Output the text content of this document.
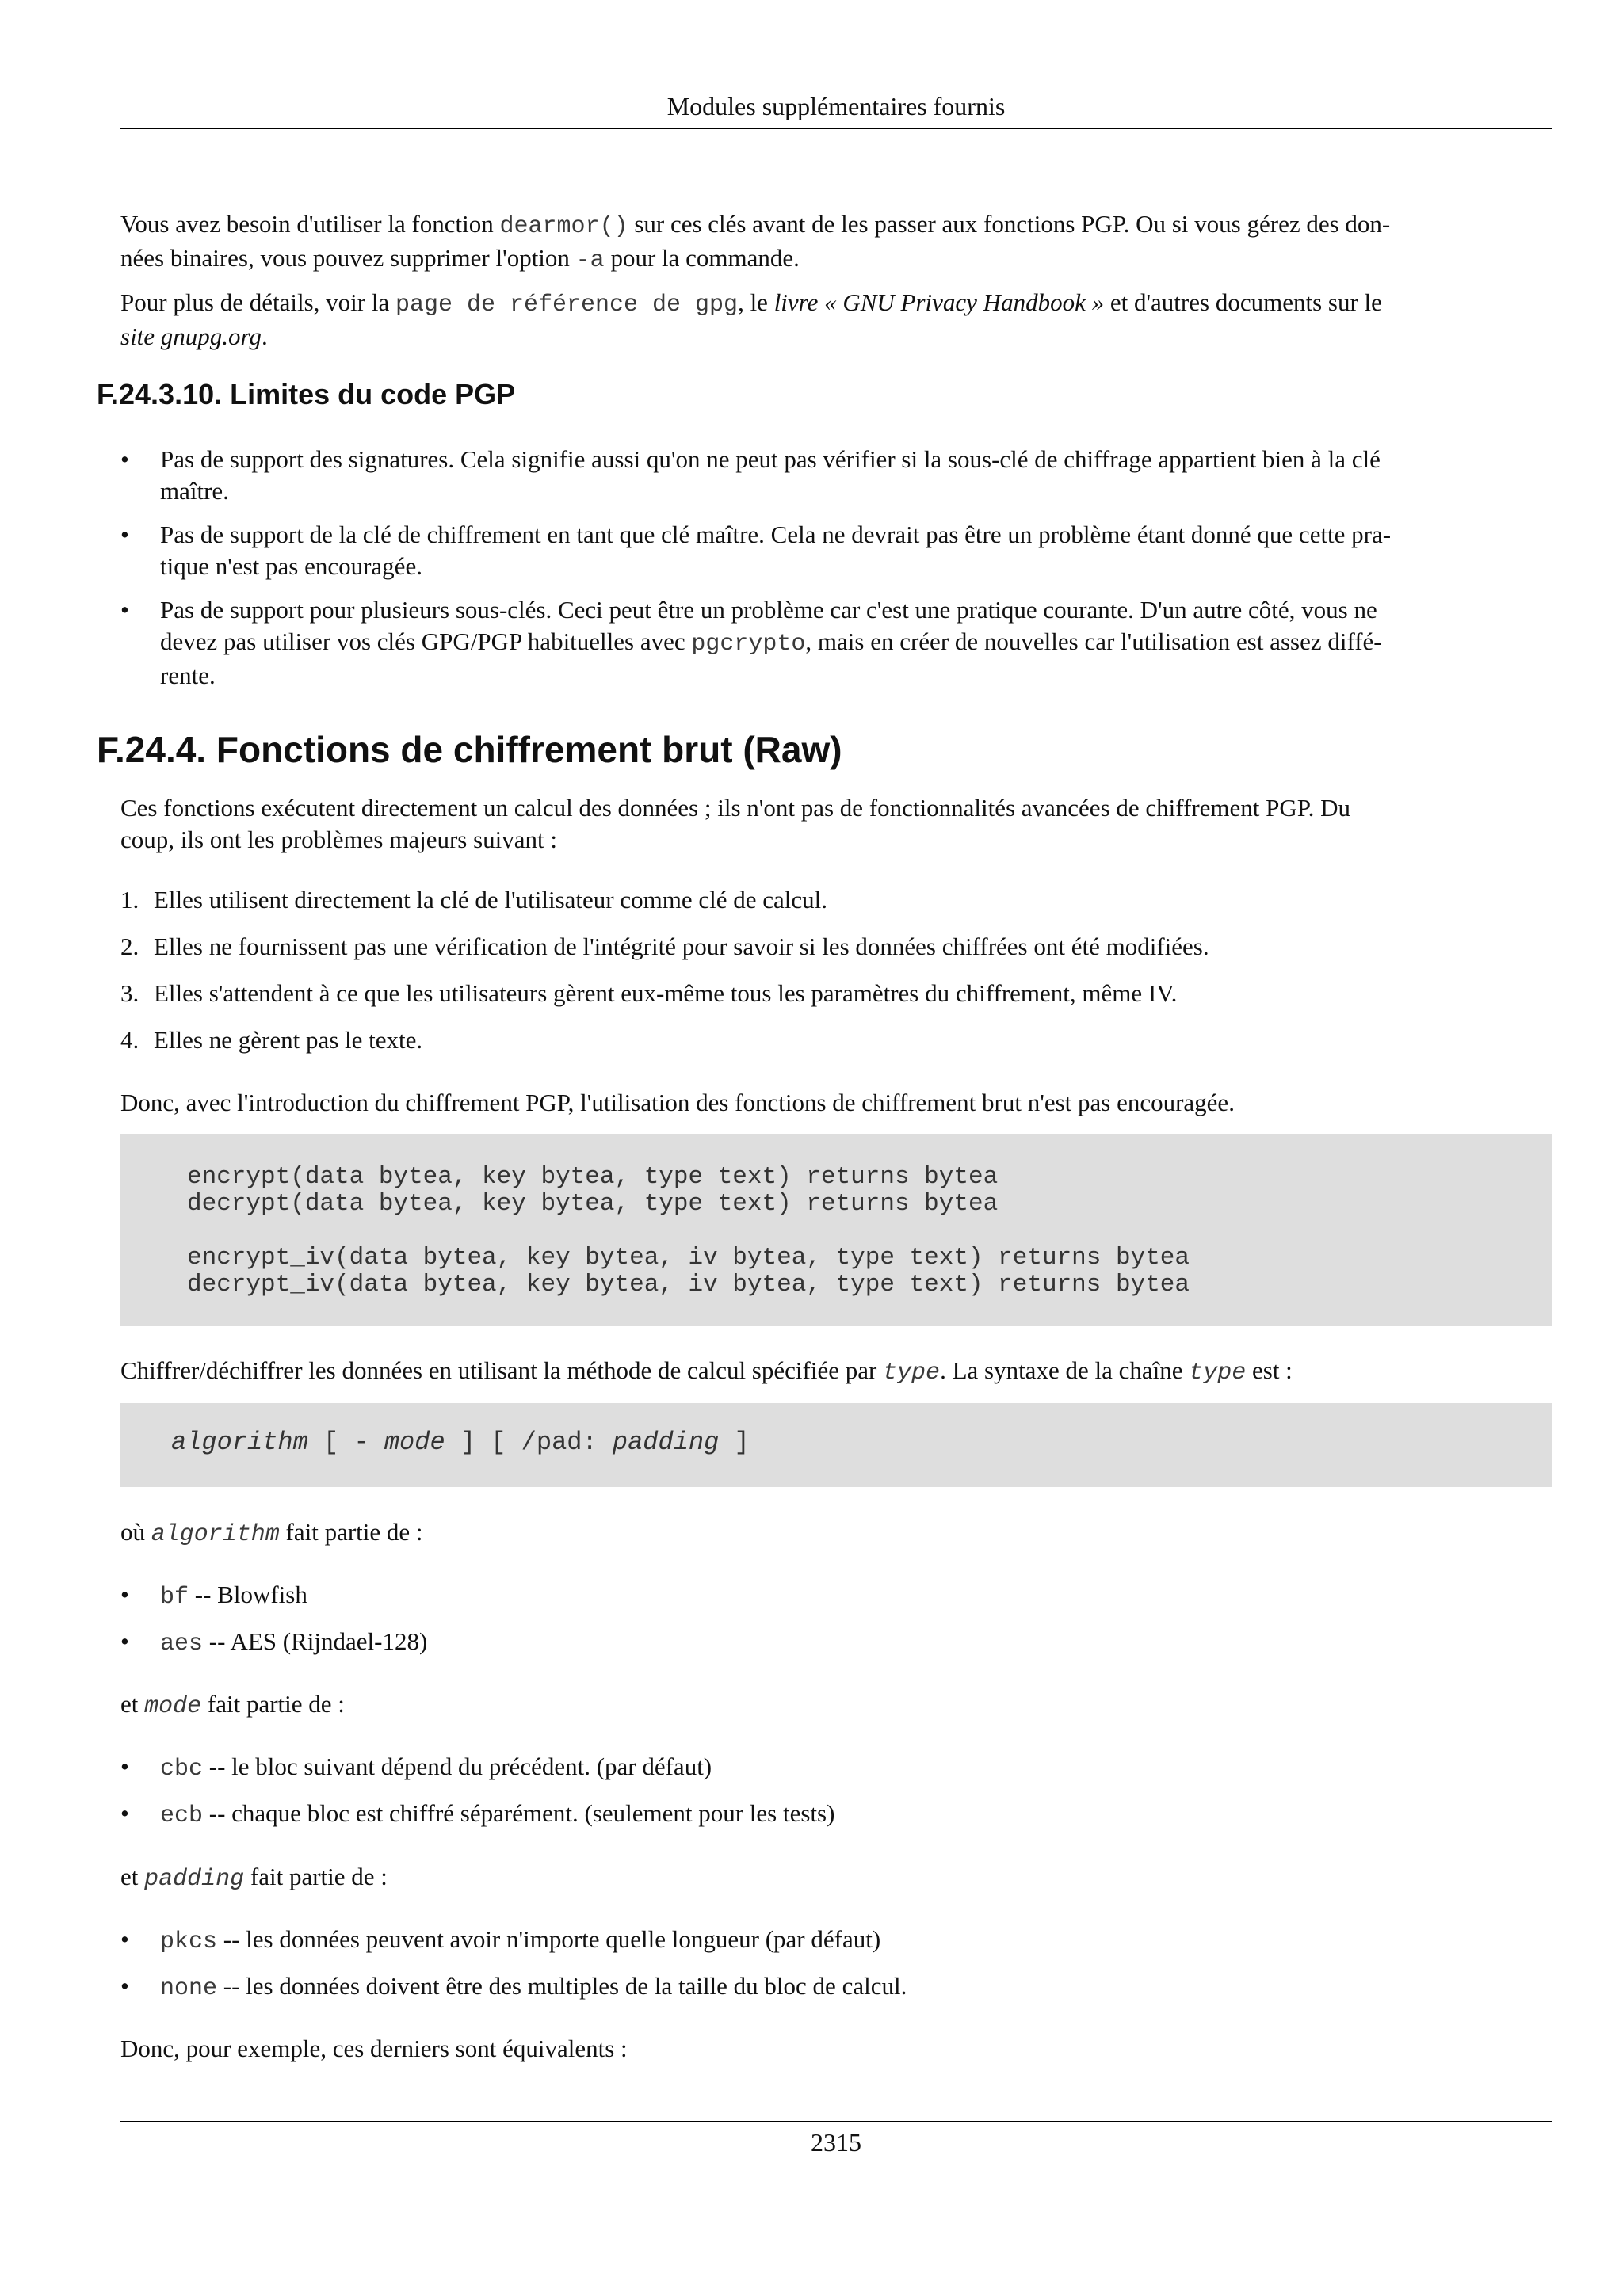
Modules supplémentaires fournis

Vous avez besoin d'utiliser la fonction dearmor() sur ces clés avant de les passer aux fonctions PGP. Ou si vous gérez des don-
nées binaires, vous pouvez supprimer l'option -a pour la commande.

Pour plus de détails, voir la page de référence de gpg, le livre « GNU Privacy Handbook » et d'autres documents sur le
site gnupg.org.

F.24.3.10. Limites du code PGP
•	Pas de support des signatures. Cela signifie aussi qu'on ne peut pas vérifier si la sous-clé de chiffrage appartient bien à la clé
maître.
•	Pas de support de la clé de chiffrement en tant que clé maître. Cela ne devrait pas être un problème étant donné que cette pra-
tique n'est pas encouragée.
•	Pas de support pour plusieurs sous-clés. Ceci peut être un problème car c'est une pratique courante. D'un autre côté, vous ne
devez pas utiliser vos clés GPG/PGP habituelles avec pgcrypto, mais en créer de nouvelles car l'utilisation est assez diffé-
rente.
F.24.4. Fonctions de chiffrement brut (Raw)

Ces fonctions exécutent directement un calcul des données ; ils n'ont pas de fonctionnalités avancées de chiffrement PGP. Du
coup, ils ont les problèmes majeurs suivant :

1. Elles utilisent directement la clé de l'utilisateur comme clé de calcul.
2. Elles ne fournissent pas une vérification de l'intégrité pour savoir si les données chiffrées ont été modifiées.
3. Elles s'attendent à ce que les utilisateurs gèrent eux-même tous les paramètres du chiffrement, même IV.
4. Elles ne gèrent pas le texte.

Donc, avec l'introduction du chiffrement PGP, l'utilisation des fonctions de chiffrement brut n'est pas encouragée.

encrypt(data bytea, key bytea, type text) returns bytea
decrypt(data bytea, key bytea, type text) returns bytea

encrypt_iv(data bytea, key bytea, iv bytea, type text) returns bytea
decrypt_iv(data bytea, key bytea, iv bytea, type text) returns bytea

Chiffrer/déchiffrer les données en utilisant la méthode de calcul spécifiée par type. La syntaxe de la chaîne type est :

algorithm [ - mode ] [ /pad: padding ]

où algorithm fait partie de :

•	bf -- Blowfish
•	aes -- AES (Rijndael-128)

et mode fait partie de :

•	cbc -- le bloc suivant dépend du précédent. (par défaut)
•	ecb -- chaque bloc est chiffré séparément. (seulement pour les tests)

et padding fait partie de :

•	pkcs -- les données peuvent avoir n'importe quelle longueur (par défaut)
•	none -- les données doivent être des multiples de la taille du bloc de calcul.

Donc, pour exemple, ces derniers sont équivalents :

2315
